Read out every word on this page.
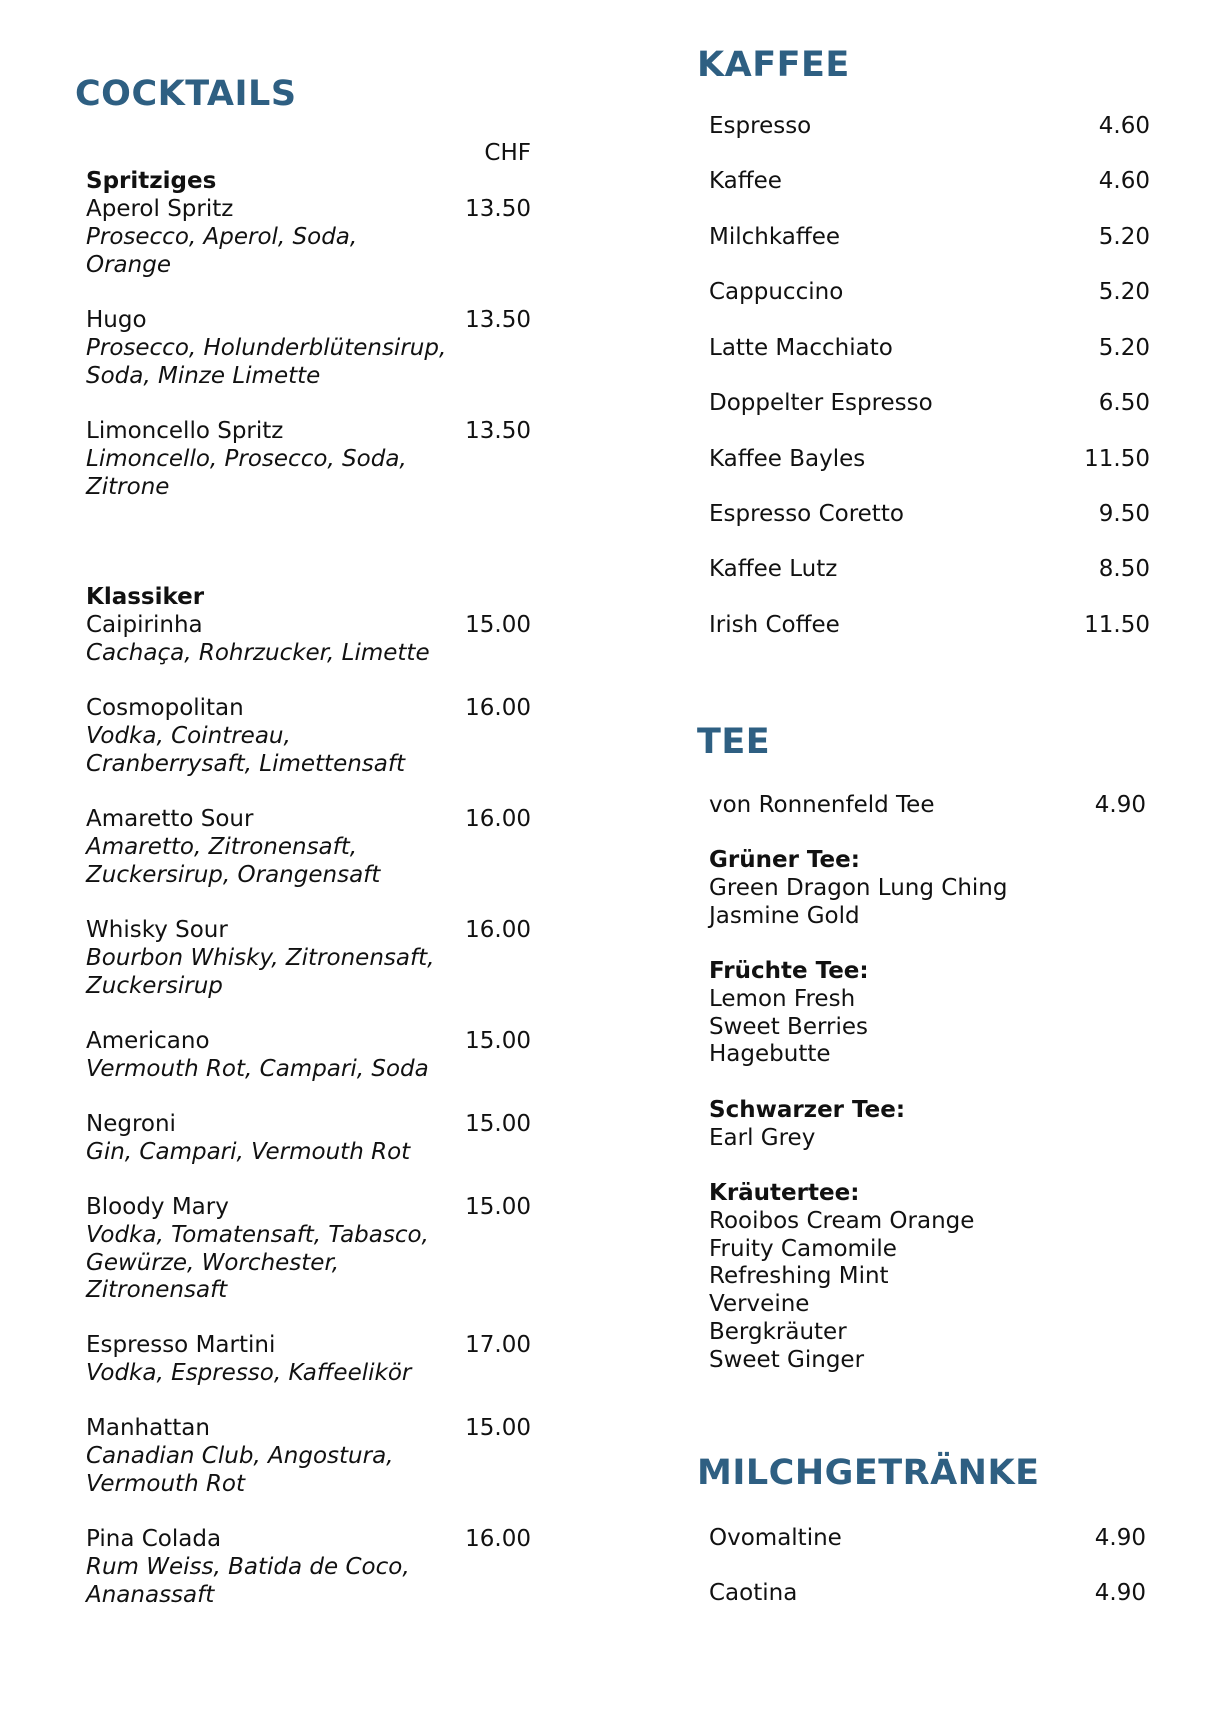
COCKTAILS
CHF
Spritziges
Aperol Spritz	13.50
Prosecco, Aperol, Soda,
Orange
Hugo	13.50
Prosecco, Holunderblütensirup,
Soda, Minze Limette
Limoncello Spritz	13.50
Limoncello, Prosecco, Soda,
Zitrone
Klassiker
Caipirinha	15.00
Cachaça, Rohrzucker, Limette
Cosmopolitan	16.00
Vodka, Cointreau,
Cranberrysaft, Limettensaft
Amaretto Sour	16.00
Amaretto, Zitronensaft,
Zuckersirup, Orangensaft
Whisky Sour	16.00
Bourbon Whisky, Zitronensaft,
Zuckersirup
Americano	15.00
Vermouth Rot, Campari, Soda
Negroni	15.00
Gin, Campari, Vermouth Rot
Bloody Mary	15.00
Vodka, Tomatensaft, Tabasco,
Gewürze, Worchester,
Zitronensaft
Espresso Martini	17.00
Vodka, Espresso, Kaffeelikör
Manhattan	15.00
Canadian Club, Angostura,
Vermouth Rot
Pina Colada	16.00
Rum Weiss, Batida de Coco,
Ananassaft
KAFFEE
Espresso	4.60
Kaffee	4.60
Milchkaffee	5.20
Cappuccino	5.20
Latte Macchiato	5.20
Doppelter Espresso	6.50
Kaffee Bayles	11.50
Espresso Coretto	9.50
Kaffee Lutz	8.50
Irish Coffee	11.50
TEE
von Ronnenfeld Tee	4.90
Grüner Tee:
Green Dragon Lung Ching
Jasmine Gold
Früchte Tee:
Lemon Fresh
Sweet Berries
Hagebutte
Schwarzer Tee:
Earl Grey
Kräutertee:
Rooibos Cream Orange
Fruity Camomile
Refreshing Mint
Verveine
Bergkräuter
Sweet Ginger
MILCHGETRÄNKE
Ovomaltine	4.90
Caotina	4.90
